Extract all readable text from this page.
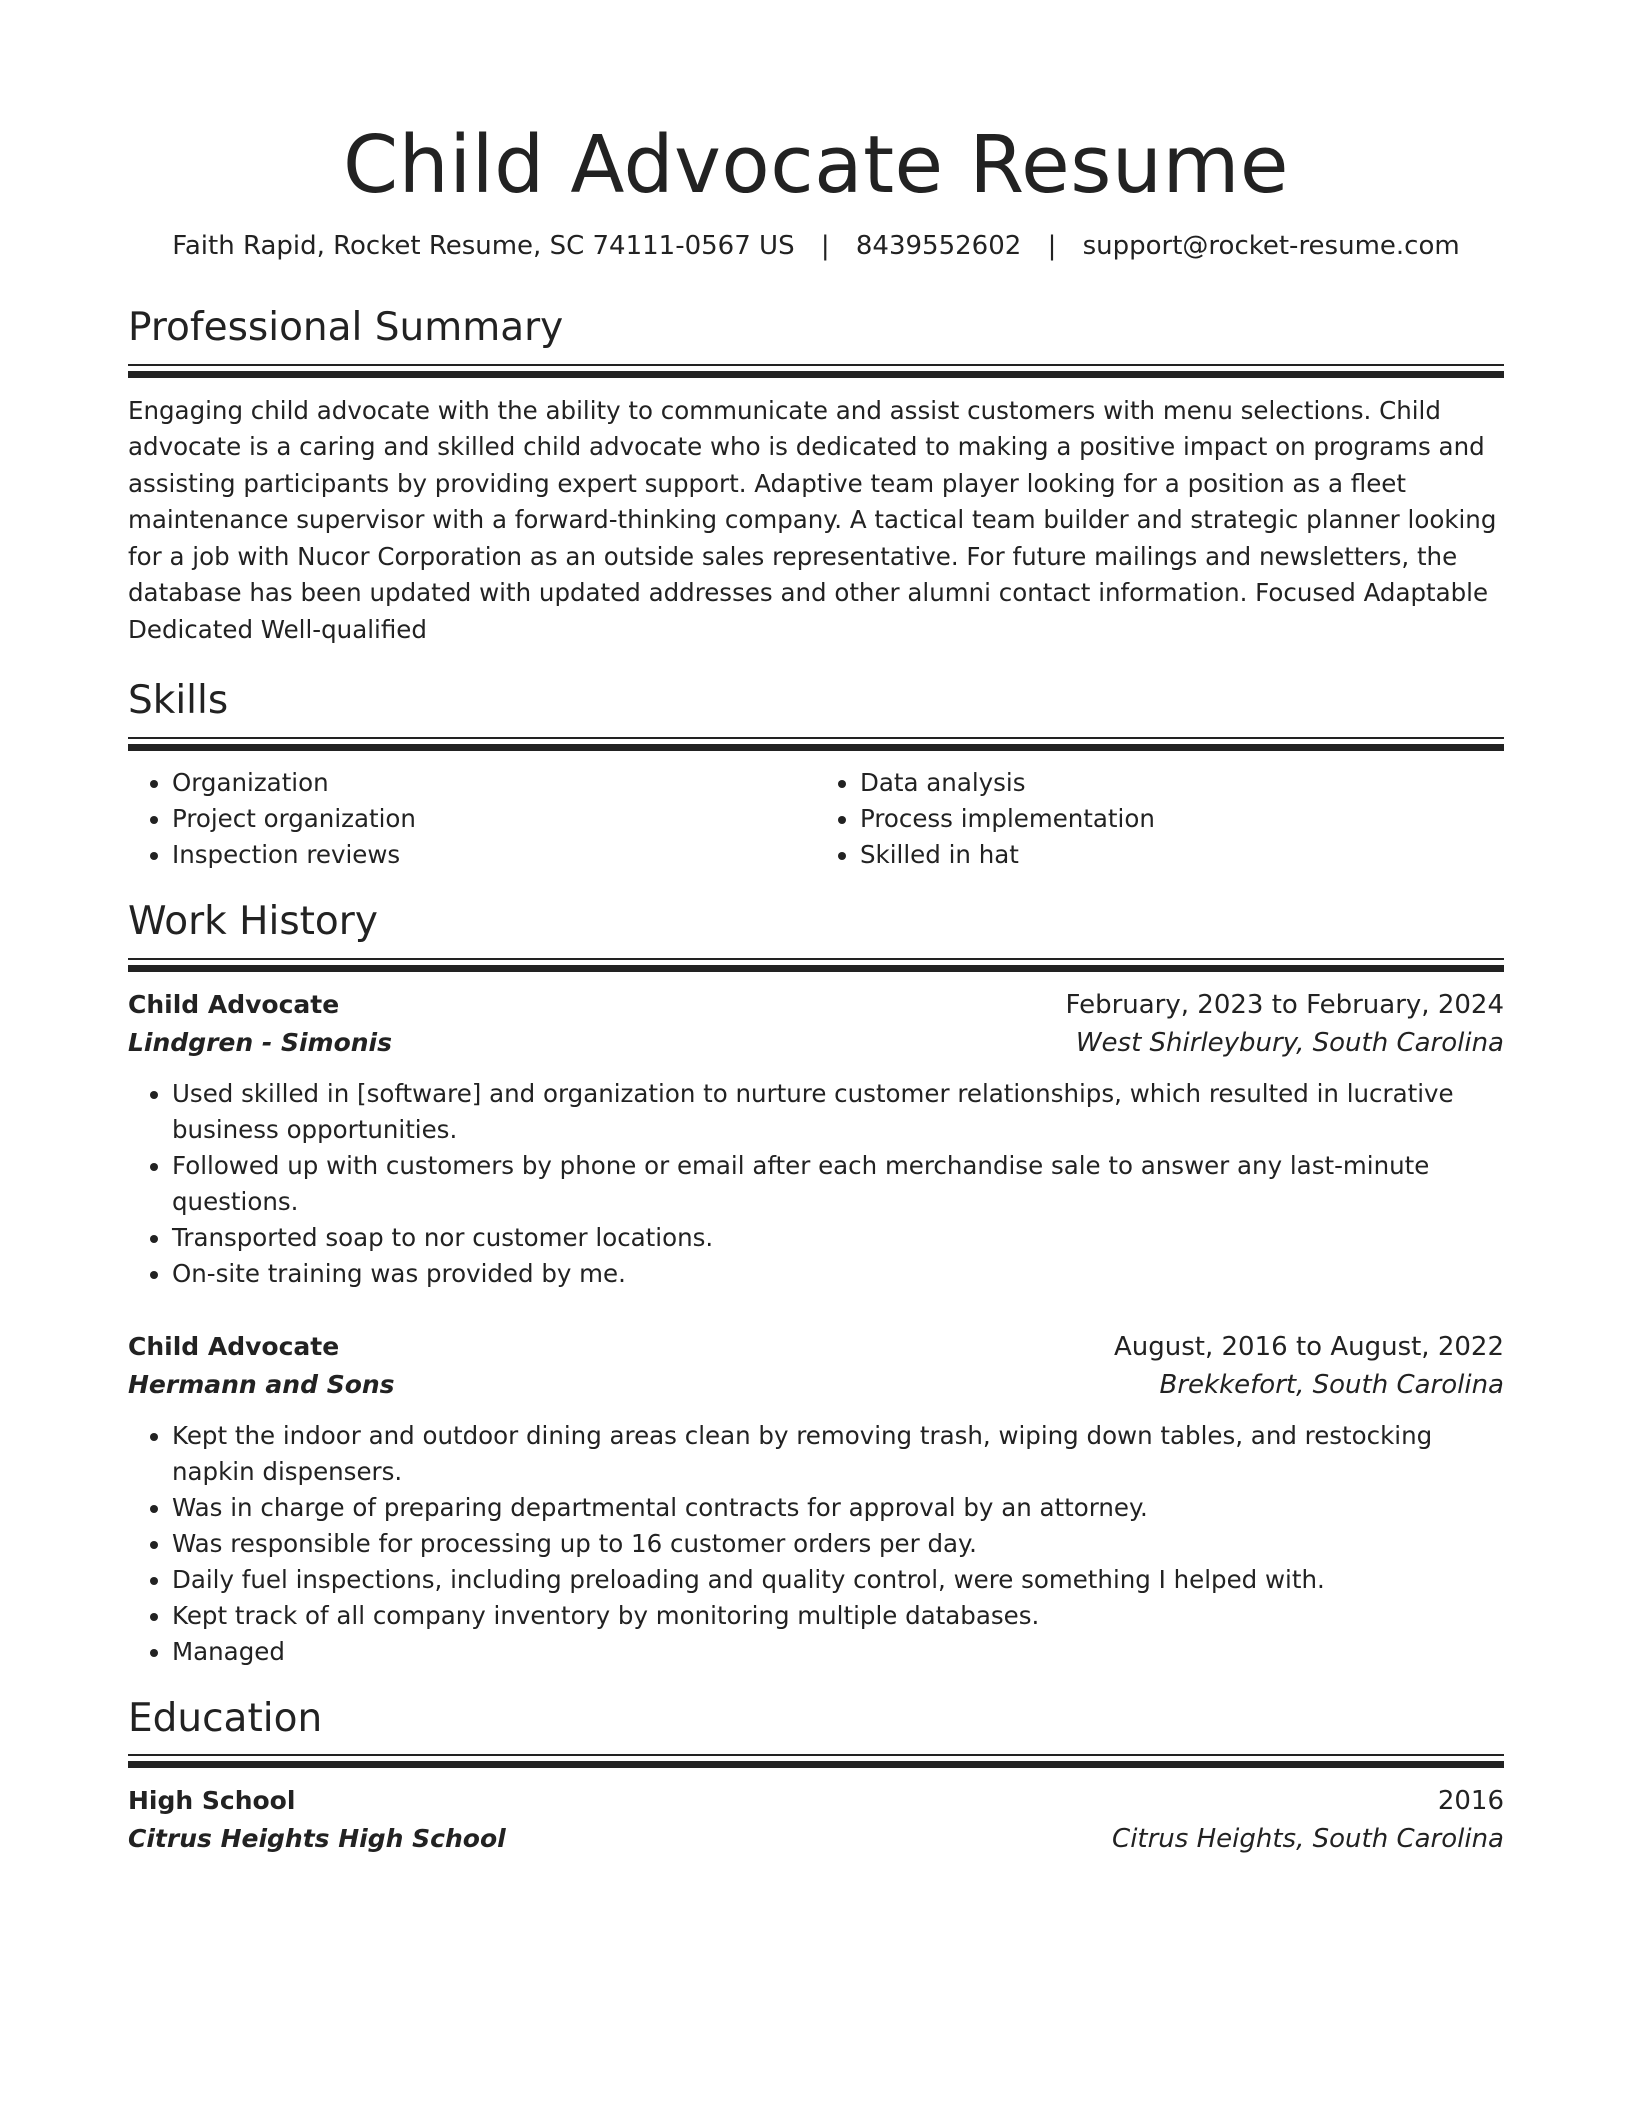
Child Advocate Resume
Faith Rapid, Rocket Resume, SC 74111-0567 US | 8439552602 | support@rocket-resume.com
Professional Summary
Engaging child advocate with the ability to communicate and assist customers with menu selections. Child advocate is a caring and skilled child advocate who is dedicated to making a positive impact on programs and assisting participants by providing expert support. Adaptive team player looking for a position as a fleet maintenance supervisor with a forward-thinking company. A tactical team builder and strategic planner looking for a job with Nucor Corporation as an outside sales representative. For future mailings and newsletters, the database has been updated with updated addresses and other alumni contact information. Focused Adaptable Dedicated Well-qualified
Skills
• Organization
• Project organization
• Inspection reviews
• Data analysis
• Process implementation
• Skilled in hat
Work History
Child Advocate	February, 2023 to February, 2024
Lindgren - Simonis	West Shirleybury, South Carolina
• Used skilled in [software] and organization to nurture customer relationships, which resulted in lucrative business opportunities.
• Followed up with customers by phone or email after each merchandise sale to answer any last-minute questions.
• Transported soap to nor customer locations.
• On-site training was provided by me.
Child Advocate	August, 2016 to August, 2022
Hermann and Sons	Brekkefort, South Carolina
• Kept the indoor and outdoor dining areas clean by removing trash, wiping down tables, and restocking napkin dispensers.
• Was in charge of preparing departmental contracts for approval by an attorney.
• Was responsible for processing up to 16 customer orders per day.
• Daily fuel inspections, including preloading and quality control, were something I helped with.
• Kept track of all company inventory by monitoring multiple databases.
• Managed
Education
High School	2016
Citrus Heights High School	Citrus Heights, South Carolina
